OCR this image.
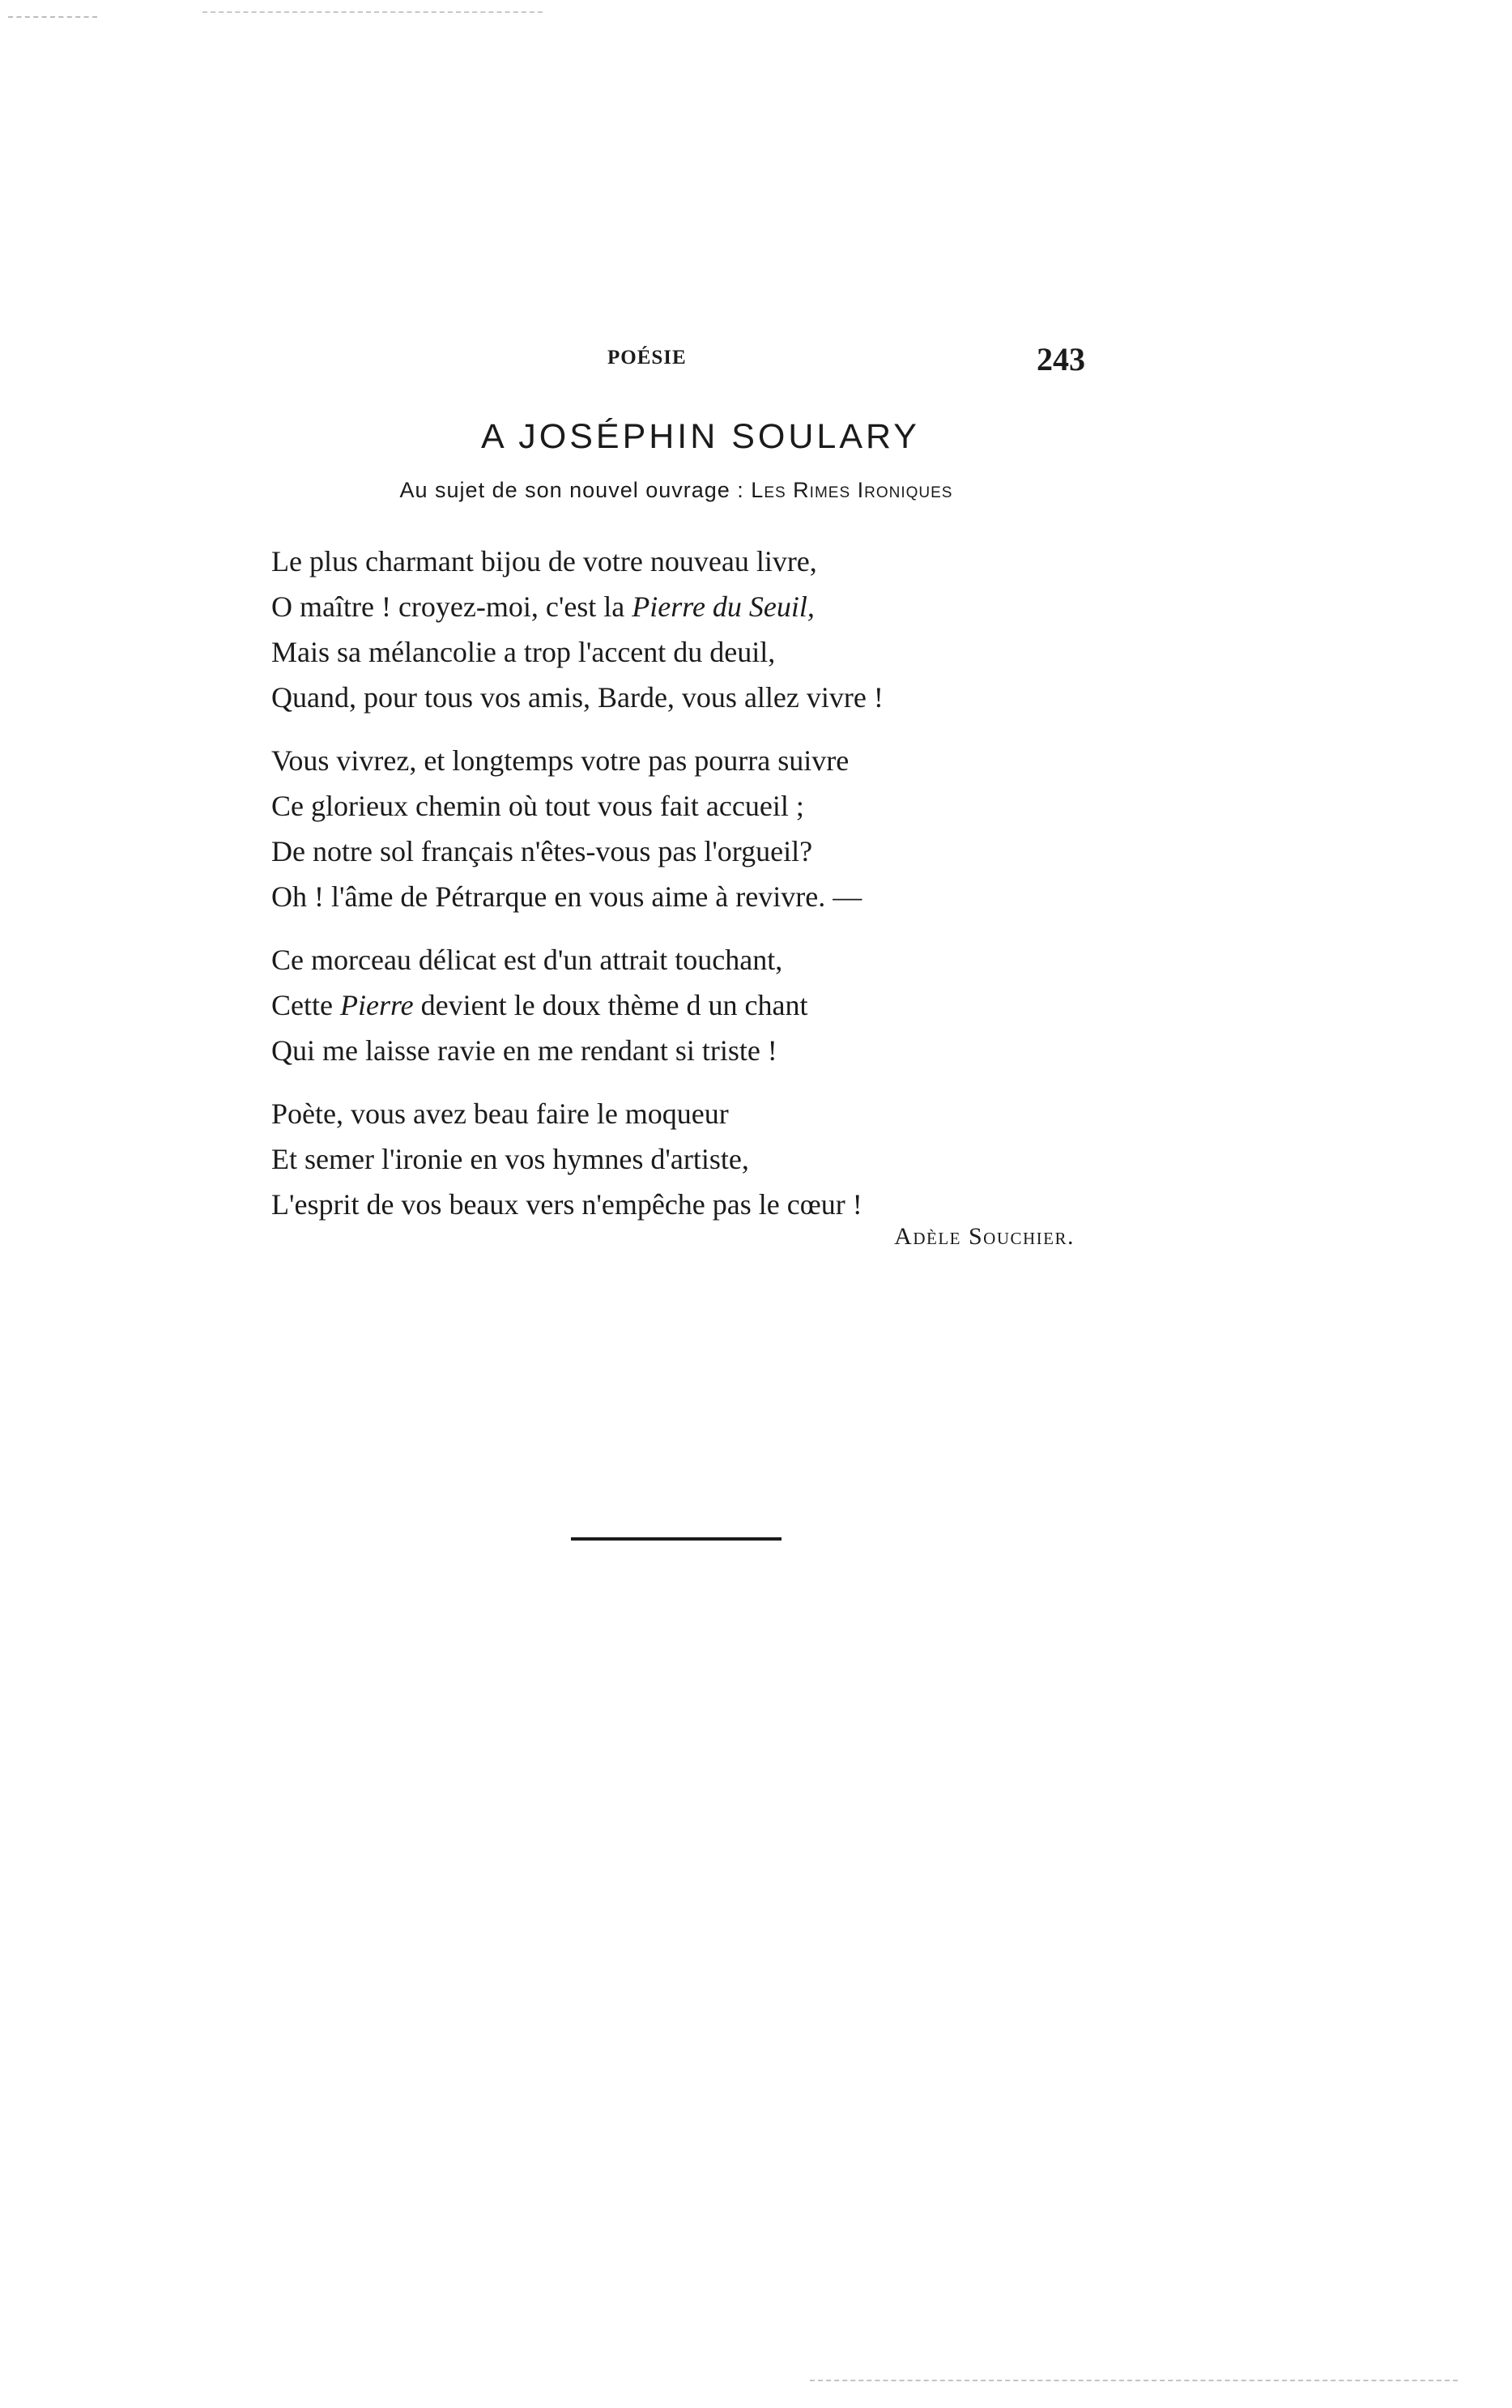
POÉSIE	243
A JOSÉPHIN SOULARY
Au sujet de son nouvel ouvrage : Les Rimes Ironiques
Le plus charmant bijou de votre nouveau livre,
O maître ! croyez-moi, c'est la Pierre du Seuil,
Mais sa mélancolie a trop l'accent du deuil,
Quand, pour tous vos amis, Barde, vous allez vivre !
Vous vivrez, et longtemps votre pas pourra suivre
Ce glorieux chemin où tout vous fait accueil ;
De notre sol français n'êtes-vous pas l'orgueil?
Oh ! l'âme de Pétrarque en vous aime à revivre. —
Ce morceau délicat est d'un attrait touchant,
Cette Pierre devient le doux thème d un chant
Qui me laisse ravie en me rendant si triste !
Poète, vous avez beau faire le moqueur
Et semer l'ironie en vos hymnes d'artiste,
L'esprit de vos beaux vers n'empêche pas le cœur !
Adèle Souchier.
